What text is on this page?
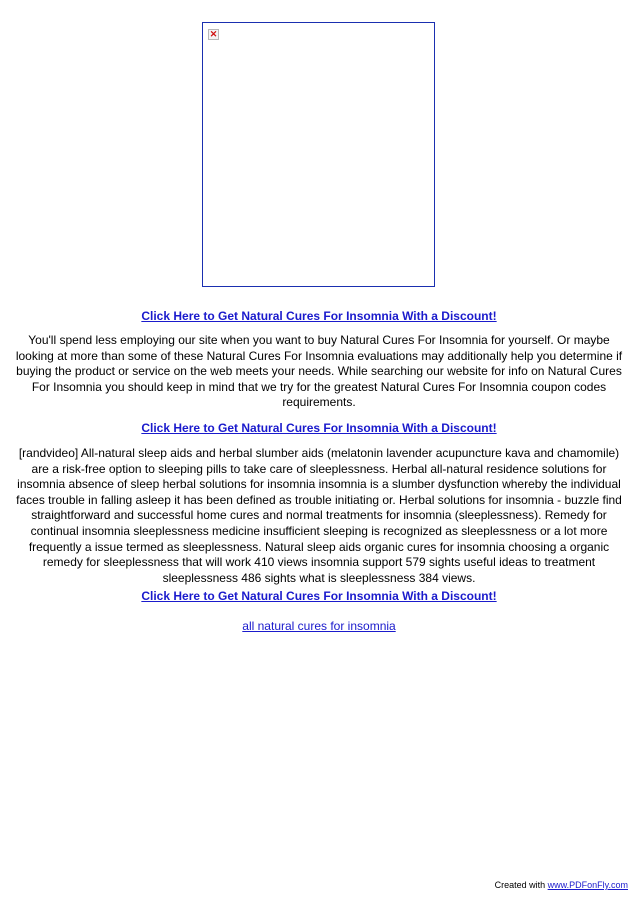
✕
Click Here to Get Natural Cures For Insomnia With a Discount!

You'll spend less employing our site when you want to buy Natural Cures For Insomnia for yourself. Or maybe looking at more than some of these Natural Cures For Insomnia evaluations may additionally help you determine if buying the product or service on the web meets your needs. While searching our website for info on Natural Cures For Insomnia you should keep in mind that we try for the greatest Natural Cures For Insomnia coupon codes requirements.

Click Here to Get Natural Cures For Insomnia With a Discount!

[randvideo] All-natural sleep aids and herbal slumber aids (melatonin lavender acupuncture kava and chamomile) are a risk-free option to sleeping pills to take care of sleeplessness. Herbal all-natural residence solutions for insomnia absence of sleep herbal solutions for insomnia insomnia is a slumber dysfunction whereby the individual faces trouble in falling asleep it has been defined as trouble initiating or. Herbal solutions for insomnia - buzzle find straightforward and successful home cures and normal treatments for insomnia (sleeplessness). Remedy for continual insomnia sleeplessness medicine insufficient sleeping is recognized as sleeplessness or a lot more frequently a issue termed as sleeplessness. Natural sleep aids organic cures for insomnia choosing a organic remedy for sleeplessness that will work 410 views insomnia support 579 sights useful ideas to treatment sleeplessness 486 sights what is sleeplessness 384 views.

Click Here to Get Natural Cures For Insomnia With a Discount!
all natural cures for insomnia
Created with www.PDFonFly.com
